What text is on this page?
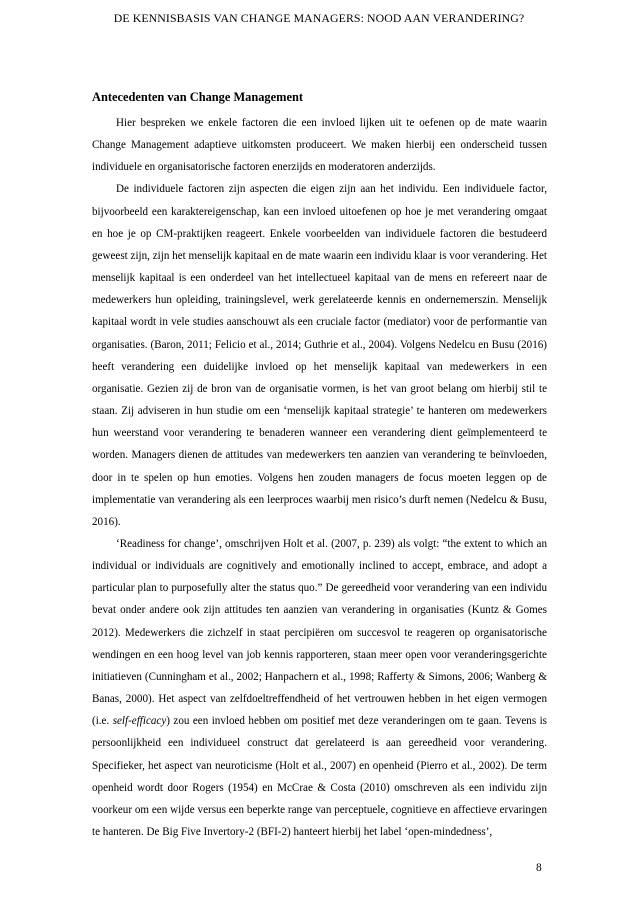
DE KENNISBASIS VAN CHANGE MANAGERS: NOOD AAN VERANDERING?
Antecedenten van Change Management

Hier bespreken we enkele factoren die een invloed lijken uit te oefenen op de mate waarin Change Management adaptieve uitkomsten produceert. We maken hierbij een onderscheid tussen individuele en organisatorische factoren enerzijds en moderatoren anderzijds.

De individuele factoren zijn aspecten die eigen zijn aan het individu. Een individuele factor, bijvoorbeeld een karaktereigenschap, kan een invloed uitoefenen op hoe je met verandering omgaat en hoe je op CM-praktijken reageert. Enkele voorbeelden van individuele factoren die bestudeerd geweest zijn, zijn het menselijk kapitaal en de mate waarin een individu klaar is voor verandering. Het menselijk kapitaal is een onderdeel van het intellectueel kapitaal van de mens en refereert naar de medewerkers hun opleiding, trainingslevel, werk gerelateerde kennis en ondernemerszin. Menselijk kapitaal wordt in vele studies aanschouwt als een cruciale factor (mediator) voor de performantie van organisaties. (Baron, 2011; Felicio et al., 2014; Guthrie et al., 2004). Volgens Nedelcu en Busu (2016) heeft verandering een duidelijke invloed op het menselijk kapitaal van medewerkers in een organisatie. Gezien zij de bron van de organisatie vormen, is het van groot belang om hierbij stil te staan. Zij adviseren in hun studie om een ‘menselijk kapitaal strategie’ te hanteren om medewerkers hun weerstand voor verandering te benaderen wanneer een verandering dient geïmplementeerd te worden. Managers dienen de attitudes van medewerkers ten aanzien van verandering te beïnvloeden, door in te spelen op hun emoties. Volgens hen zouden managers de focus moeten leggen op de implementatie van verandering als een leerproces waarbij men risico’s durft nemen (Nedelcu & Busu, 2016).

‘Readiness for change’, omschrijven Holt et al. (2007, p. 239) als volgt: “the extent to which an individual or individuals are cognitively and emotionally inclined to accept, embrace, and adopt a particular plan to purposefully alter the status quo.” De gereedheid voor verandering van een individu bevat onder andere ook zijn attitudes ten aanzien van verandering in organisaties (Kuntz & Gomes 2012). Medewerkers die zichzelf in staat percipiëren om succesvol te reageren op organisatorische wendingen en een hoog level van job kennis rapporteren, staan meer open voor veranderingsgerichte initiatieven (Cunningham et al., 2002; Hanpachern et al., 1998; Rafferty & Simons, 2006; Wanberg & Banas, 2000). Het aspect van zelfdoeltreffendheid of het vertrouwen hebben in het eigen vermogen (i.e. self-efficacy) zou een invloed hebben om positief met deze veranderingen om te gaan. Tevens is persoonlijkheid een individueel construct dat gerelateerd is aan gereedheid voor verandering. Specifieker, het aspect van neuroticisme (Holt et al., 2007) en openheid (Pierro et al., 2002). De term openheid wordt door Rogers (1954) en McCrae & Costa (2010) omschreven als een individu zijn voorkeur om een wijde versus een beperkte range van perceptuele, cognitieve en affectieve ervaringen te hanteren. De Big Five Invertory-2 (BFI-2) hanteert hierbij het label ‘open-mindedness’,

8
